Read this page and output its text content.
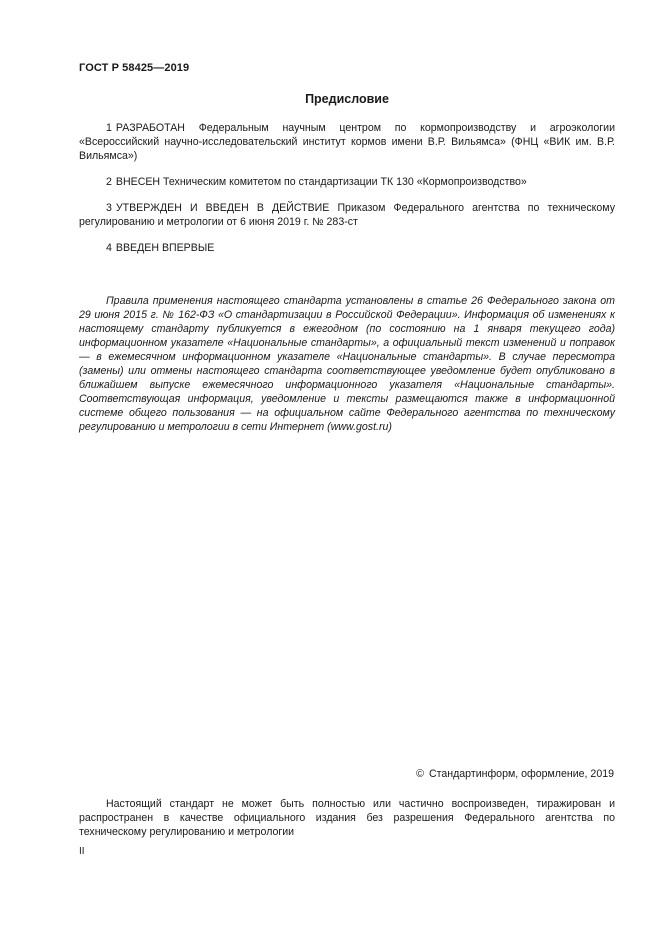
ГОСТ Р 58425—2019
Предисловие

1 РАЗРАБОТАН Федеральным научным центром по кормопроизводству и агроэкологии «Всероссийский научно-исследовательский институт кормов имени В.Р. Вильямса» (ФНЦ «ВИК им. В.Р. Вильямса»)

2 ВНЕСЕН Техническим комитетом по стандартизации ТК 130 «Кормопроизводство»

3 УТВЕРЖДЕН И ВВЕДЕН В ДЕЙСТВИЕ Приказом Федерального агентства по техническому регулированию и метрологии от 6 июня 2019 г. № 283-ст

4 ВВЕДЕН ВПЕРВЫЕ

Правила применения настоящего стандарта установлены в статье 26 Федерального закона от 29 июня 2015 г. № 162-ФЗ «О стандартизации в Российской Федерации». Информация об изменениях к настоящему стандарту публикуется в ежегодном (по состоянию на 1 января текущего года) информационном указателе «Национальные стандарты», а официальный текст изменений и поправок — в ежемесячном информационном указателе «Национальные стандарты». В случае пересмотра (замены) или отмены настоящего стандарта соответствующее уведомление будет опубликовано в ближайшем выпуске ежемесячного информационного указателя «Национальные стандарты». Соответствующая информация, уведомление и тексты размещаются также в информационной системе общего пользования — на официальном сайте Федерального агентства по техническому регулированию и метрологии в сети Интернет (www.gost.ru)

© Стандартинформ, оформление, 2019

Настоящий стандарт не может быть полностью или частично воспроизведен, тиражирован и распространен в качестве официального издания без разрешения Федерального агентства по техническому регулированию и метрологии

II
